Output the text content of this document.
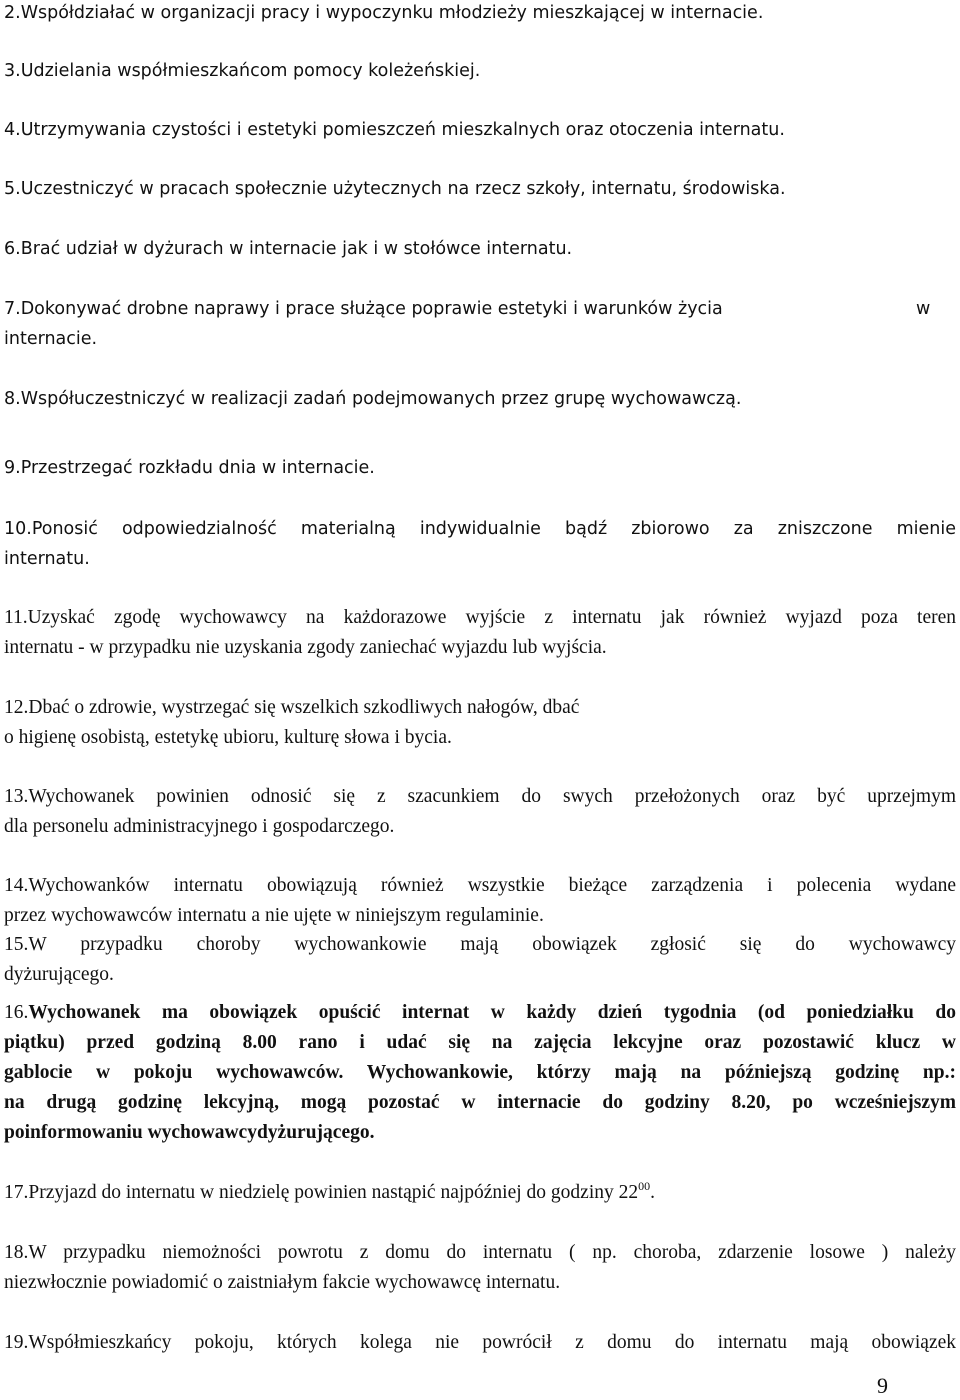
2.Współdziałać w organizacji pracy i wypoczynku młodzieży mieszkającej w internacie.
3.Udzielania współmieszkańcom pomocy koleżeńskiej.
4.Utrzymywania czystości i estetyki pomieszczeń mieszkalnych oraz otoczenia internatu.
5.Uczestniczyć w pracach społecznie użytecznych na rzecz szkoły, internatu, środowiska.
6.Brać udział w dyżurach w internacie jak i w stołówce internatu.
7.Dokonywać drobne naprawy i prace służące poprawie estetyki i warunków życia	w
internacie.
8.Współuczestniczyć w realizacji zadań podejmowanych przez grupę wychowawczą.
9.Przestrzegać rozkładu dnia w internacie.
10.Ponosić odpowiedzialność materialną indywidualnie bądź zbiorowo za zniszczone mienie
internatu.
11.Uzyskać zgodę wychowawcy na każdorazowe wyjście z internatu jak również wyjazd poza teren
internatu - w przypadku nie uzyskania zgody zaniechać wyjazdu lub wyjścia.
12.Dbać o zdrowie, wystrzegać się wszelkich szkodliwych nałogów, dbać
o higienę osobistą, estetykę ubioru, kulturę słowa i bycia.
13.Wychowanek powinien odnosić się z szacunkiem do swych przełożonych oraz być uprzejmym
dla personelu administracyjnego i gospodarczego.
14.Wychowanków internatu obowiązują również wszystkie bieżące zarządzenia i polecenia wydane
przez wychowawców internatu a nie ujęte w niniejszym regulaminie.
15.W przypadku choroby wychowankowie mają obowiązek zgłosić się do wychowawcy
dyżurującego.
16.Wychowanek ma obowiązek opuścić internat w każdy dzień tygodnia (od poniedziałku do
piątku) przed godziną 8.00 rano i udać się na zajęcia lekcyjne oraz pozostawić klucz w
gablocie w pokoju wychowawców. Wychowankowie, którzy mają na późniejszą godzinę np.:
na drugą godzinę lekcyjną, mogą pozostać w internacie do godziny 8.20, po wcześniejszym
poinformowaniu wychowawcydyżurującego.
17.Przyjazd do internatu w niedzielę powinien nastąpić najpóźniej do godziny $22^{00}$.
18.W przypadku niemożności powrotu z domu do internatu ( np. choroba, zdarzenie losowe ) należy
niezwłocznie powiadomić o zaistniałym fakcie wychowawcę internatu.
19.Współmieszkańcy pokoju, których kolega nie powrócił z domu do internatu mają obowiązek
9
